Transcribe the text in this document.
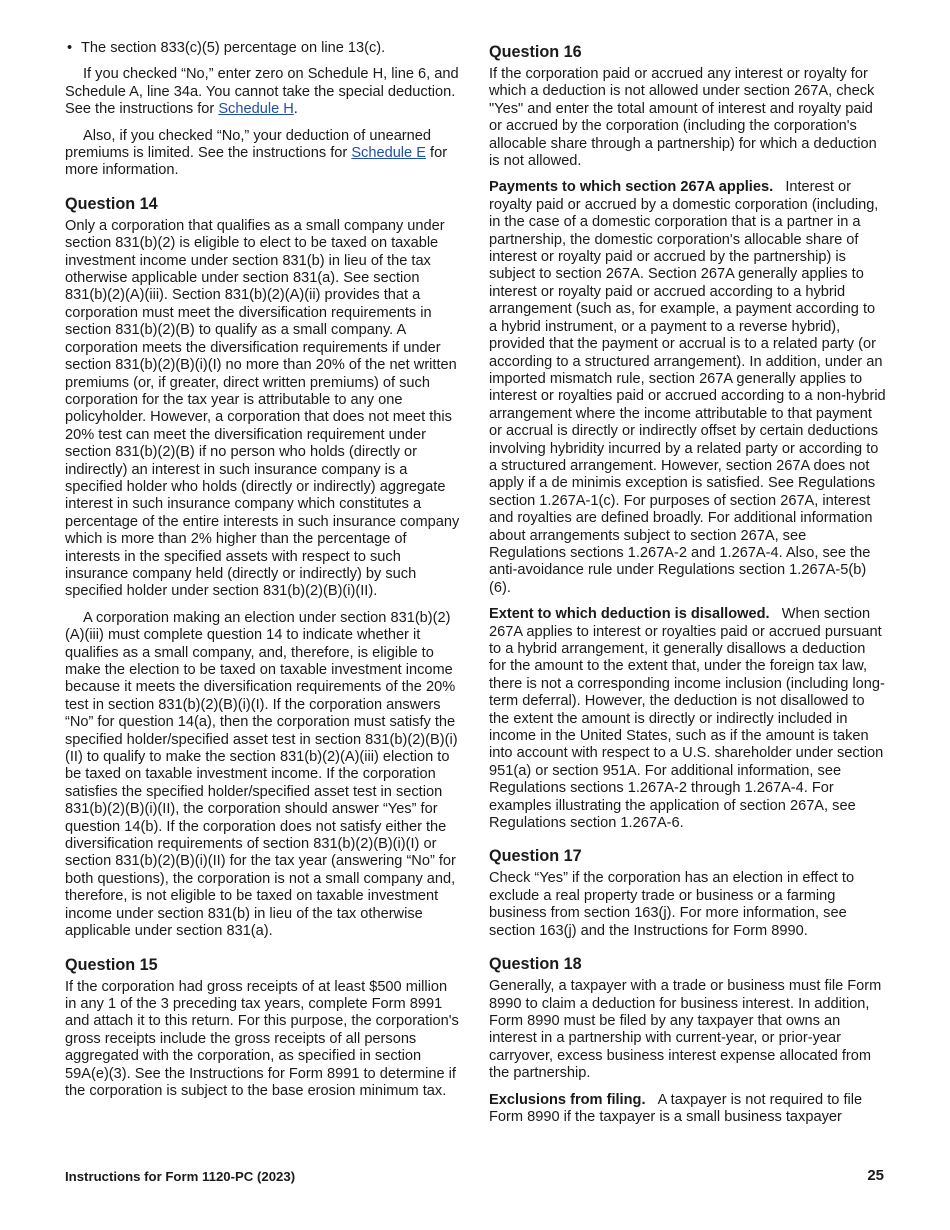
• The section 833(c)(5) percentage on line 13(c).

If you checked “No,” enter zero on Schedule H, line 6, and Schedule A, line 34a. You cannot take the special deduction. See the instructions for Schedule H.

Also, if you checked “No,” your deduction of unearned premiums is limited. See the instructions for Schedule E for more information.

Question 14

Only a corporation that qualifies as a small company under section 831(b)(2) is eligible to elect to be taxed on taxable investment income under section 831(b) in lieu of the tax otherwise applicable under section 831(a). See section 831(b)(2)(A)(iii). Section 831(b)(2)(A)(ii) provides that a corporation must meet the diversification requirements in section 831(b)(2)(B) to qualify as a small company. A corporation meets the diversification requirements if under section 831(b)(2)(B)(i)(I) no more than 20% of the net written premiums (or, if greater, direct written premiums) of such corporation for the tax year is attributable to any one policyholder. However, a corporation that does not meet this 20% test can meet the diversification requirement under section 831(b)(2)(B) if no person who holds (directly or indirectly) an interest in such insurance company is a specified holder who holds (directly or indirectly) aggregate interest in such insurance company which constitutes a percentage of the entire interests in such insurance company which is more than 2% higher than the percentage of interests in the specified assets with respect to such insurance company held (directly or indirectly) by such specified holder under section 831(b)(2)(B)(i)(II).

A corporation making an election under section 831(b)(2)(A)(iii) must complete question 14 to indicate whether it qualifies as a small company, and, therefore, is eligible to make the election to be taxed on taxable investment income because it meets the diversification requirements of the 20% test in section 831(b)(2)(B)(i)(I). If the corporation answers “No” for question 14(a), then the corporation must satisfy the specified holder/specified asset test in section 831(b)(2)(B)(i)(II) to qualify to make the section 831(b)(2)(A)(iii) election to be taxed on taxable investment income. If the corporation satisfies the specified holder/specified asset test in section 831(b)(2)(B)(i)(II), the corporation should answer “Yes” for question 14(b). If the corporation does not satisfy either the diversification requirements of section 831(b)(2)(B)(i)(I) or section 831(b)(2)(B)(i)(II) for the tax year (answering “No” for both questions), the corporation is not a small company and, therefore, is not eligible to be taxed on taxable investment income under section 831(b) in lieu of the tax otherwise applicable under section 831(a).

Question 15

If the corporation had gross receipts of at least $500 million in any 1 of the 3 preceding tax years, complete Form 8991 and attach it to this return. For this purpose, the corporation's gross receipts include the gross receipts of all persons aggregated with the corporation, as specified in section 59A(e)(3). See the Instructions for Form 8991 to determine if the corporation is subject to the base erosion minimum tax.

Question 16

If the corporation paid or accrued any interest or royalty for which a deduction is not allowed under section 267A, check "Yes" and enter the total amount of interest and royalty paid or accrued by the corporation (including the corporation's allocable share through a partnership) for which a deduction is not allowed.

Payments to which section 267A applies. Interest or royalty paid or accrued by a domestic corporation (including, in the case of a domestic corporation that is a partner in a partnership, the domestic corporation's allocable share of interest or royalty paid or accrued by the partnership) is subject to section 267A. Section 267A generally applies to interest or royalty paid or accrued according to a hybrid arrangement (such as, for example, a payment according to a hybrid instrument, or a payment to a reverse hybrid), provided that the payment or accrual is to a related party (or according to a structured arrangement). In addition, under an imported mismatch rule, section 267A generally applies to interest or royalties paid or accrued according to a non-hybrid arrangement where the income attributable to that payment or accrual is directly or indirectly offset by certain deductions involving hybridity incurred by a related party or according to a structured arrangement. However, section 267A does not apply if a de minimis exception is satisfied. See Regulations section 1.267A-1(c). For purposes of section 267A, interest and royalties are defined broadly. For additional information about arrangements subject to section 267A, see Regulations sections 1.267A-2 and 1.267A-4. Also, see the anti-avoidance rule under Regulations section 1.267A-5(b)(6).

Extent to which deduction is disallowed. When section 267A applies to interest or royalties paid or accrued pursuant to a hybrid arrangement, it generally disallows a deduction for the amount to the extent that, under the foreign tax law, there is not a corresponding income inclusion (including long-term deferral). However, the deduction is not disallowed to the extent the amount is directly or indirectly included in income in the United States, such as if the amount is taken into account with respect to a U.S. shareholder under section 951(a) or section 951A. For additional information, see Regulations sections 1.267A-2 through 1.267A-4. For examples illustrating the application of section 267A, see Regulations section 1.267A-6.

Question 17

Check “Yes” if the corporation has an election in effect to exclude a real property trade or business or a farming business from section 163(j). For more information, see section 163(j) and the Instructions for Form 8990.

Question 18

Generally, a taxpayer with a trade or business must file Form 8990 to claim a deduction for business interest. In addition, Form 8990 must be filed by any taxpayer that owns an interest in a partnership with current-year, or prior-year carryover, excess business interest expense allocated from the partnership.

Exclusions from filing. A taxpayer is not required to file Form 8990 if the taxpayer is a small business taxpayer

Instructions for Form 1120-PC (2023)	25
